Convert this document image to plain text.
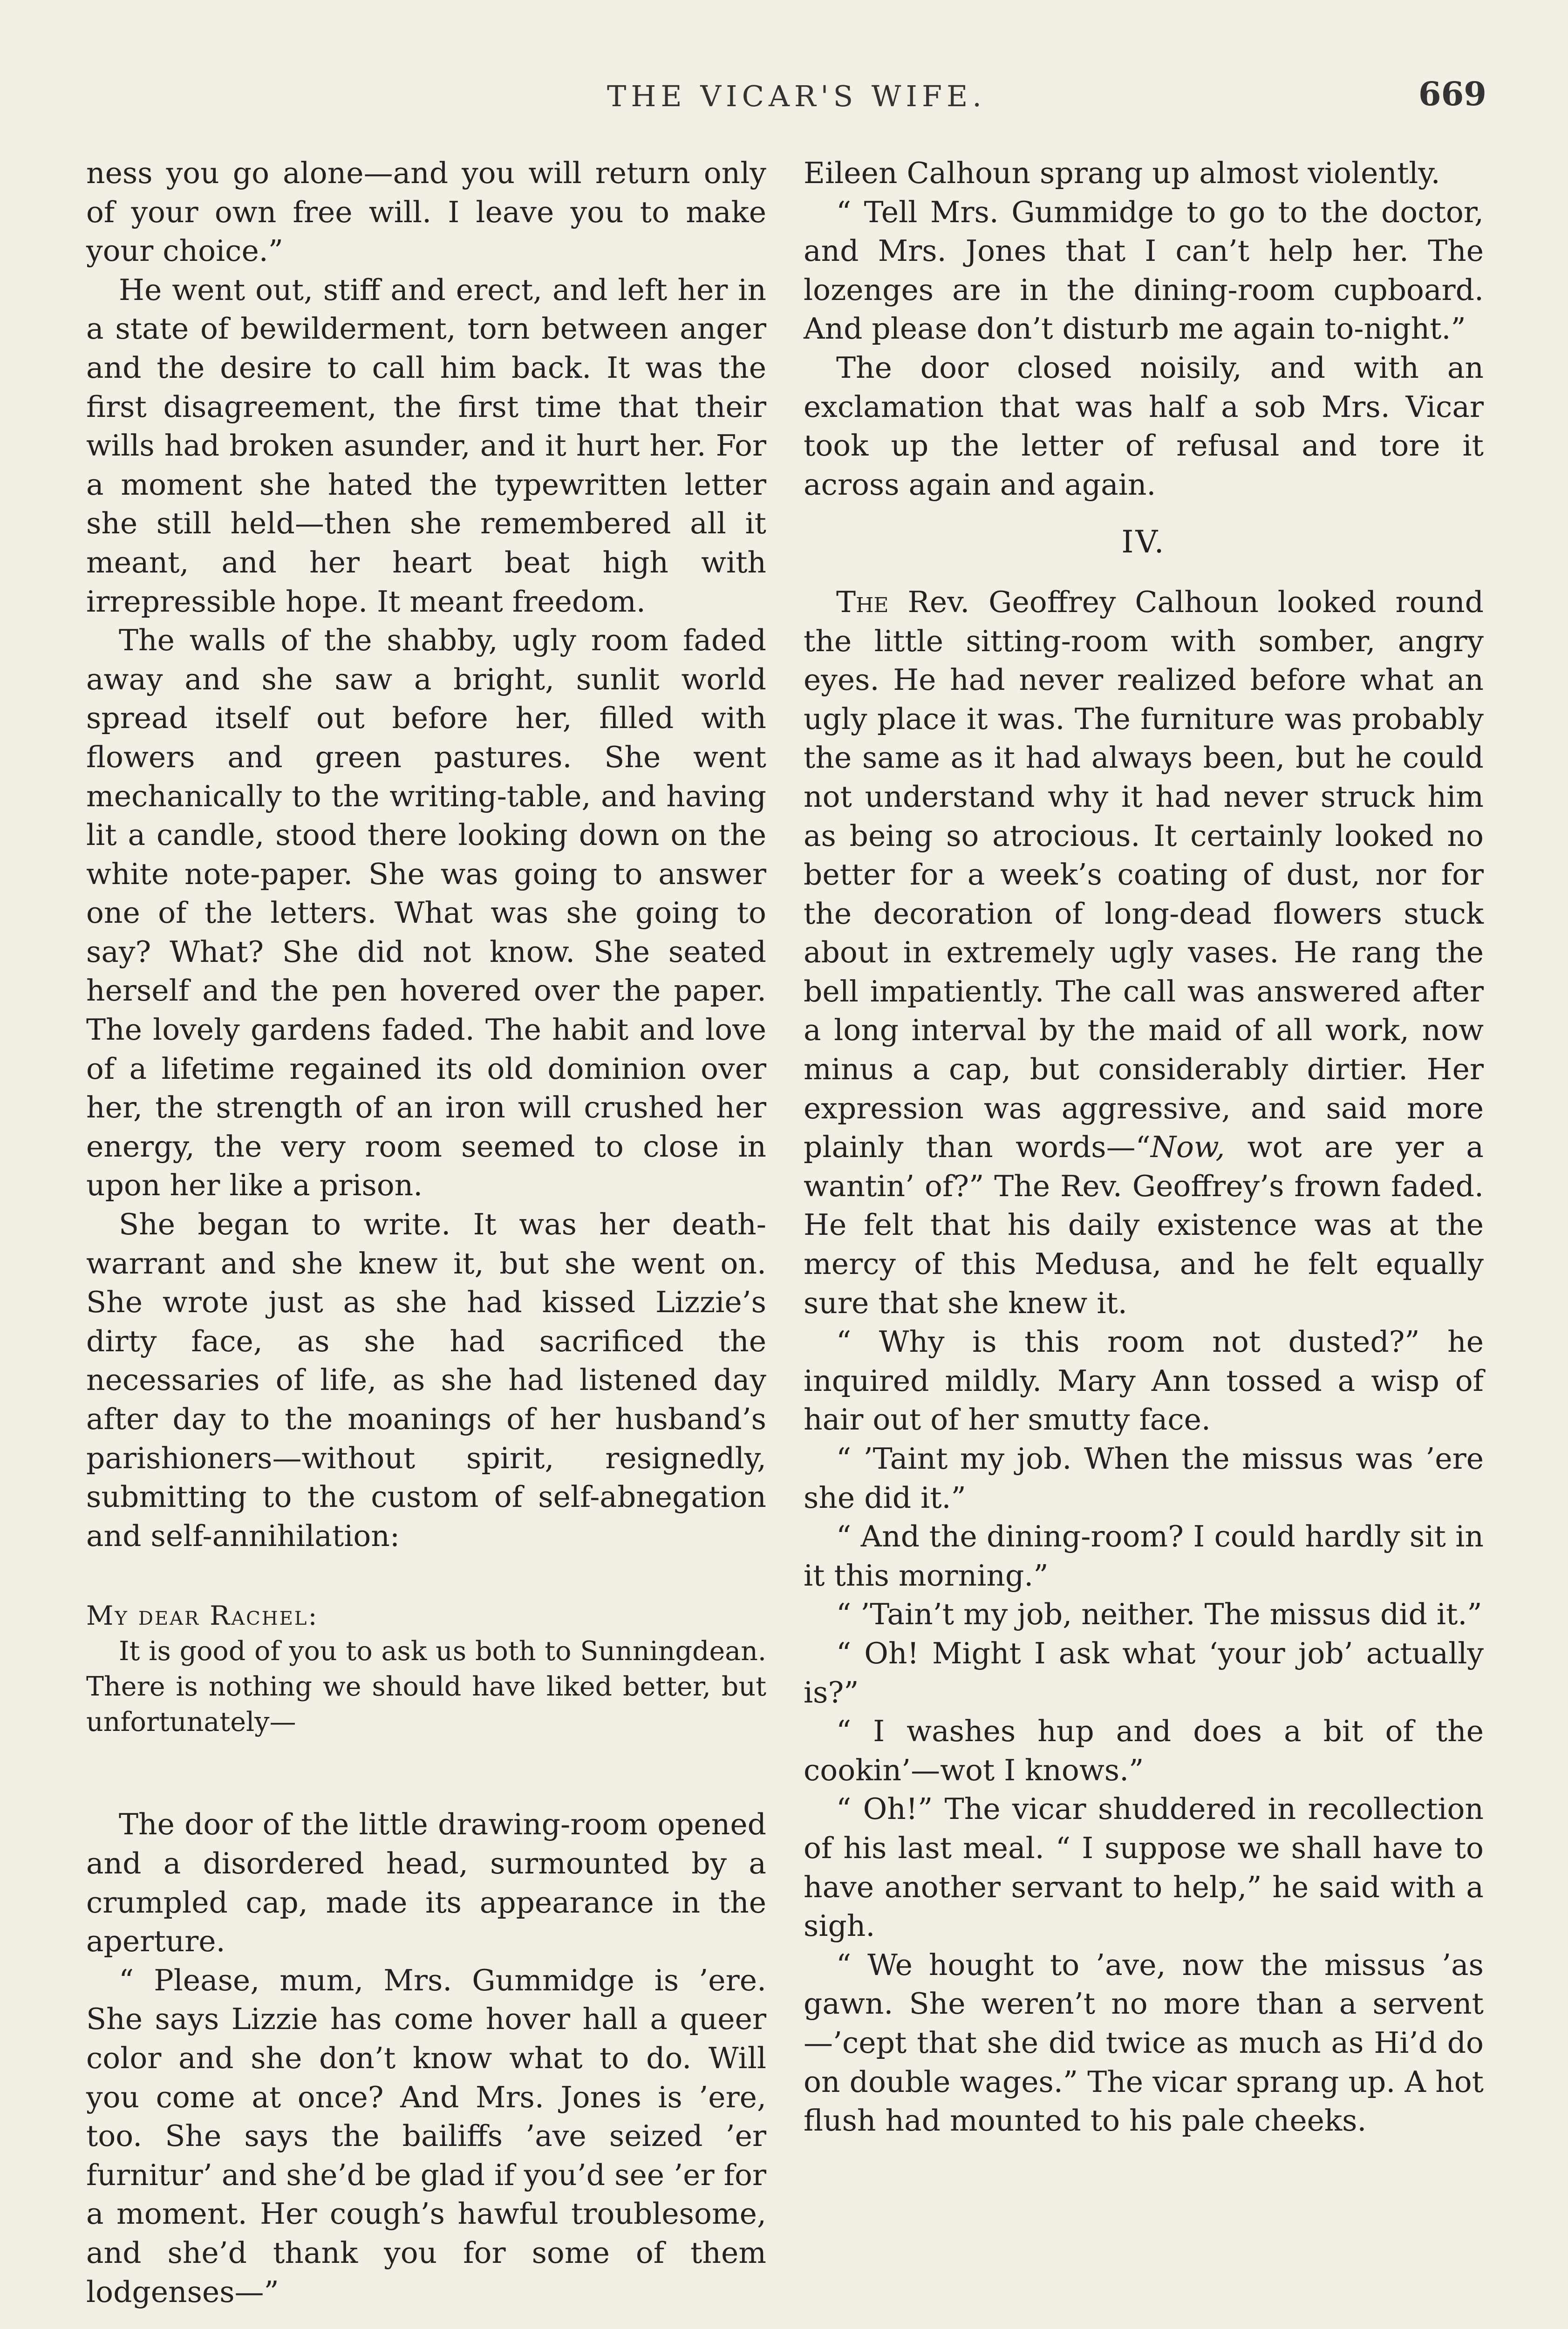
THE VICAR'S WIFE.	669

ness you go alone—and you will return only of your own free will. I leave you to make your choice.”

He went out, stiff and erect, and left her in a state of bewilderment, torn between anger and the desire to call him back. It was the first disagreement, the first time that their wills had broken asunder, and it hurt her. For a moment she hated the typewritten letter she still held—then she remembered all it meant, and her heart beat high with irrepressible hope. It meant freedom.

The walls of the shabby, ugly room faded away and she saw a bright, sunlit world spread itself out before her, filled with flowers and green pastures. She went mechanically to the writing-table, and having lit a candle, stood there looking down on the white note-paper. She was going to answer one of the letters. What was she going to say? What? She did not know. She seated herself and the pen hovered over the paper. The lovely gardens faded. The habit and love of a lifetime regained its old dominion over her, the strength of an iron will crushed her energy, the very room seemed to close in upon her like a prison.

She began to write. It was her death-warrant and she knew it, but she went on. She wrote just as she had kissed Lizzie’s dirty face, as she had sacrificed the necessaries of life, as she had listened day after day to the moanings of her husband’s parishioners—without spirit, resignedly, submitting to the custom of self-abnegation and self-annihilation:

My dear Rachel:

It is good of you to ask us both to Sunningdean. There is nothing we should have liked better, but unfortunately—

The door of the little drawing-room opened and a disordered head, surmounted by a crumpled cap, made its appearance in the aperture.

“ Please, mum, Mrs. Gummidge is ’ere. She says Lizzie has come hover hall a queer color and she don’t know what to do. Will you come at once? And Mrs. Jones is ’ere, too. She says the bailiffs ’ave seized ’er furnitur’ and she’d be glad if you’d see ’er for a moment. Her cough’s hawful troublesome, and she’d thank you for some of them lodgenses—”

Eileen Calhoun sprang up almost violently.

“ Tell Mrs. Gummidge to go to the doctor, and Mrs. Jones that I can’t help her. The lozenges are in the dining-room cupboard. And please don’t disturb me again to-night.”

The door closed noisily, and with an exclamation that was half a sob Mrs. Vicar took up the letter of refusal and tore it across again and again.

IV.

The Rev. Geoffrey Calhoun looked round the little sitting-room with somber, angry eyes. He had never realized before what an ugly place it was. The furniture was probably the same as it had always been, but he could not understand why it had never struck him as being so atrocious. It certainly looked no better for a week’s coating of dust, nor for the decoration of long-dead flowers stuck about in extremely ugly vases. He rang the bell impatiently. The call was answered after a long interval by the maid of all work, now minus a cap, but considerably dirtier. Her expression was aggressive, and said more plainly than words—“Now, wot are yer a wantin’ of?” The Rev. Geoffrey’s frown faded. He felt that his daily existence was at the mercy of this Medusa, and he felt equally sure that she knew it.

“ Why is this room not dusted?” he inquired mildly. Mary Ann tossed a wisp of hair out of her smutty face.

“ ’Taint my job. When the missus was ’ere she did it.”

“ And the dining-room? I could hardly sit in it this morning.”

“ ’Tain’t my job, neither. The missus did it.”

“ Oh! Might I ask what ‘your job’ actually is?”

“ I washes hup and does a bit of the cookin’—wot I knows.”

“ Oh!” The vicar shuddered in recollection of his last meal. “ I suppose we shall have to have another servant to help,” he said with a sigh.

“ We hought to ’ave, now the missus ’as gawn. She weren’t no more than a servent—’cept that she did twice as much as Hi’d do on double wages.” The vicar sprang up. A hot flush had mounted to his pale cheeks.
